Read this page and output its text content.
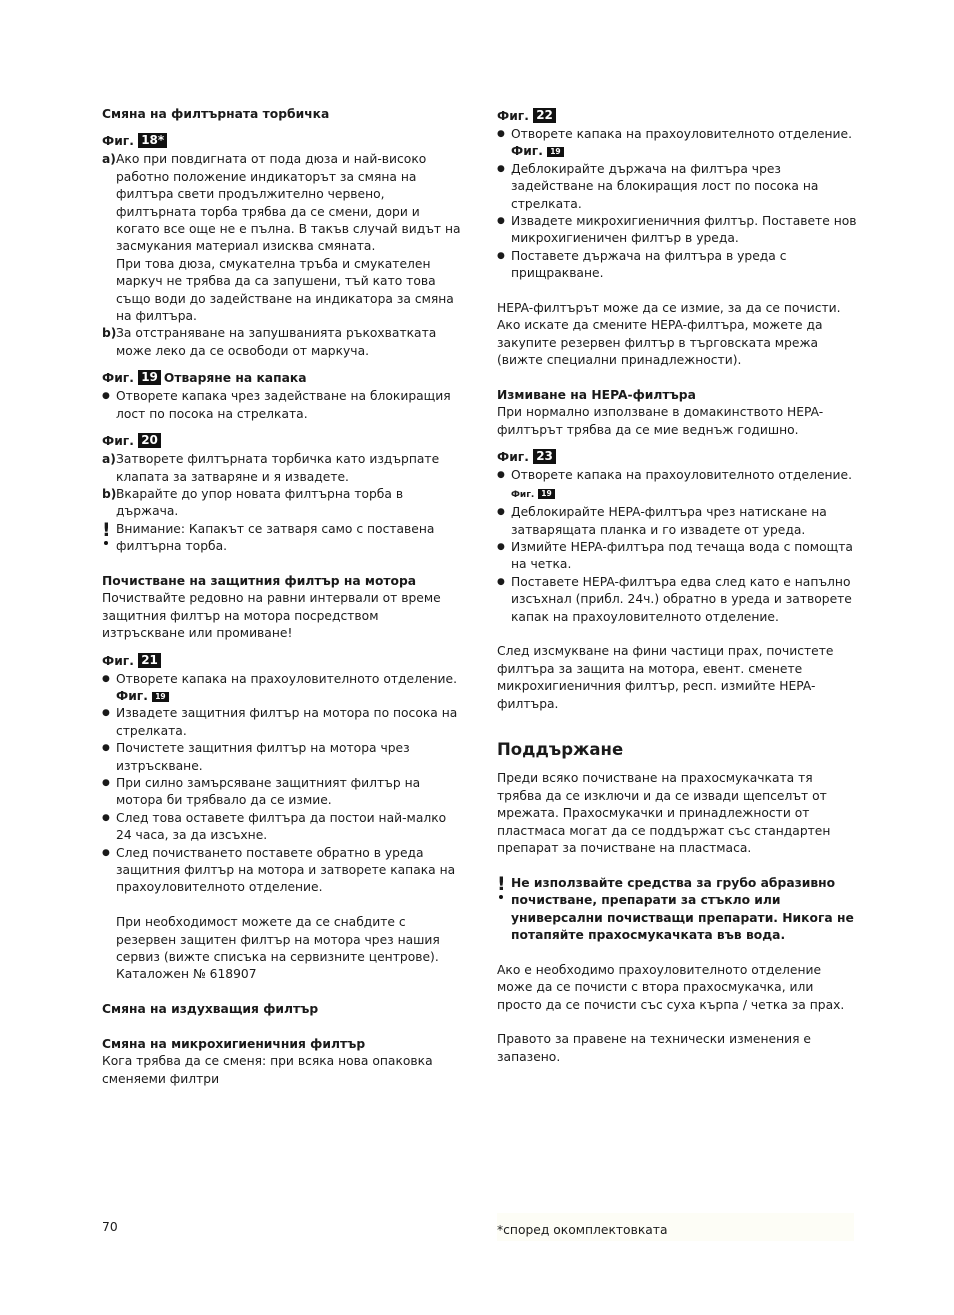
Смяна на филтърната торбичка

Фиг. 18*

a) Ако при повдигната от пода дюза и най-високо работно положение индикаторът за смяна на филтъра свети продължително червено, филтърната торба трябва да се смени, дори и когато все още не е пълна. В такъв случай видът на засмукания материал изисква смяната.

При това дюза, смукателна тръба и смукателен маркуч не трябва да са запушени, тъй като това също води до задействане на индикатора за смяна на филтъра.

b) За отстраняване на запушванията ръкохватката може леко да се освободи от маркуча.

Фиг. 19 Отваряне на капака

● Отворете капака чрез задействане на блокиращия лост по посока на стрелката.

Фиг. 20

a) Затворете филтърната торбичка като издърпате клапата за затваряне и я извадете.

b) Вкарайте до упор новата филтърна торба в държача.

! Внимание: Капакът се затваря само с поставена филтърна торба.

Почистване на защитния филтър на мотора

Почиствайте редовно на равни интервали от време защитния филтър на мотора посредством изтръскване или промиване!

Фиг. 21

● Отворете капака на прахоуловителното отделение.

Фиг. 19

● Извадете защитния филтър на мотора по посока на стрелката.

● Почистете защитния филтър на мотора чрез изтръскване.

● При силно замърсяване защитният филтър на мотора би трябвало да се измие.

● След това оставете филтъра да постои най-малко 24 часа, за да изсъхне.

● След почистването поставете обратно в уреда защитния филтър на мотора и затворете капака на прахоуловителното отделение.

При необходимост можете да се снабдите с резервен защитен филтър на мотора чрез нашия сервиз (вижте списъка на сервизните центрове). Каталожен № 618907

Смяна на издухващия филтър

Смяна на микрохигиеничния филтър

Кога трябва да се сменя: при всяка нова опаковка сменяеми филтри

Фиг. 22

● Отворете капака на прахоуловителното отделение.

Фиг. 19

● Деблокирайте държача на филтъра чрез задействане на блокиращия лост по посока на стрелката.

● Извадете микрохигиеничния филтър. Поставете нов микрохигиеничен филтър в уреда.

● Поставете държача на филтъра в уреда с прищракване.

HEPA-филтърът може да се измие, за да се почисти. Ако искате да смените HEPA-филтъра, можете да закупите резервен филтър в търговската мрежа (вижте специални принадлежности).

Измиване на HEPA-филтъра

При нормално използване в домакинството HEPA-филтърът трябва да се мие веднъж годишно.

Фиг. 23

● Отворете капака на прахоуловителното отделение.

Фиг. 19

● Деблокирайте HEPA-филтъра чрез натискане на затварящата планка и го извадете от уреда.

● Измийте HEPA-филтъра под течаща вода с помощта на четка.

● Поставете HEPA-филтъра едва след като е напълно изсъхнал (прибл. 24ч.) обратно в уреда и затворете капак на прахоуловителното отделение.

След изсмукване на фини частици прах, почистете филтъра за защита на мотора, евент. сменете микрохигиеничния филтър, респ. измийте HEPA-филтъра.

Поддържане

Преди всяко почистване на прахосмукачката тя трябва да се изключи и да се извади щепселът от мрежата. Прахосмукачки и принадлежности от пластмаса могат да се поддържат със стандартен препарат за почистване на пластмаса.

! Не използвайте средства за грубо абразивно почистване, препарати за стъкло или универсални почистващи препарати. Никога не потапяйте прахосмукачката във вода.

Ако е необходимо прахоуловителното отделение може да се почисти с втора прахосмукачка, или просто да се почисти със суха кърпа / четка за прах.

Правото за правене на технически изменения е запазено.

70	*според окомплектовката
